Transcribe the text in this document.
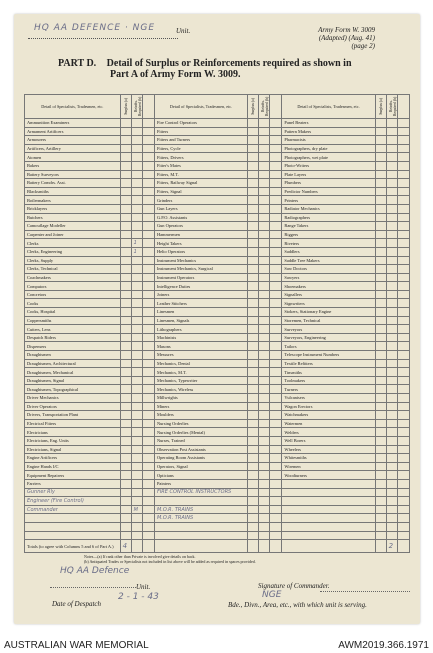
HQ AA DEFENCE · NGE	Unit.	Army Form W. 3009
(Adapted) (Aug. 41)
(page 2)
PART D. Detail of Surplus or Reinforcements required as shown in
Part A of Army Form W. 3009.
Detail of Specialists, Tradesmen, etc.	Surplus (a)	Reinfts. Required (b)		Detail of Specialists, Tradesmen, etc.	Surplus (a)	Reinfts. Required (b)		Detail of Specialists, Tradesmen, etc.	Surplus (a)	Reinfts. Required (b)	
Ammunition Examiners				Fire Control Operators				Panel Beaters			
Armament Artificers				Fitters				Pattern Makers			
Armourers				Fitters and Turners				Pharmacists			
Artificers, Artillery				Fitters, Cycle				Photographers, dry plate			
Atomen				Fitters, Drivers				Photographers, wet plate			
Bakers				Fitter's Mates				Photo-Writers			
Battery Surveyors				Fitters, M.T.				Plate Layers			
Battery Comdrs. Asst.				Fitters, Railway Signal				Plumbers			
Blacksmiths				Fitters, Signal				Predictor Numbers			
Boilermakers				Grinders				Printers			
Bricklayers				Gun Layers				Radiator Mechanics			
Butchers				G.P.O. Assistants				Radiographers			
Camouflage Modeller				Gun Operators				Range Takers			
Carpenter and Joiner				Hammermen				Riggers			
Clerks		1		Height Takers				Riveters			
Clerks, Engineering		1		Helio Operators				Saddlers			
Clerks, Supply				Instrument Mechanics				Saddle Tree Makers			
Clerks, Technical				Instrument Mechanics, Surgical				Saw Doctors			
Coachmakers				Instrument Operators				Sawyers			
Computors				Intelligence Duties				Shoemakers			
Concretors				Joiners				Signallers			
Cooks				Leather Stitchers				Signwriters			
Cooks, Hospital				Linesmen				Stokers, Stationary Engine			
Coppersmiths				Linesmen, Signals				Storemen, Technical			
Cutters, Lens				Lithographers				Surveyors			
Despatch Riders				Machinists				Surveyors, Engineering			
Dispensers				Masons				Tailors			
Draughtsmen				Messures				Telescope Instrument Numbers			
Draughtsmen, Architectural				Mechanics, Dental				Textile Refitters			
Draughtsmen, Mechanical				Mechanics, M.T.				Tinsmiths			
Draughtsmen, Signal				Mechanics, Typewriter				Toolmakers			
Draughtsmen, Topographical				Mechanics, Wireless				Turners			
Driver Mechanics				Millwrights				Vulcanisers			
Driver Operators				Miners				Wagon Erectors			
Drivers, Transportation Plant				Moulders				Watchmakers			
Electrical Fitters				Nursing Orderlies				Watermen			
Electricians				Nursing Orderlies (Mental)				Welders			
Electricians, Eng. Units				Nurses, Trained				Well Borers			
Electricians, Signal				Observation Post Assistants				Wheelers			
Engine Artificers				Operating Room Assistants				Whitesmiths			
Engine Hands I/C				Operators, Signal				Wiremen			
Equipment Repairers				Opticians				Woodturners			
Farriers				Painters							
Gunner Rly				FIRE CONTROL INSTRUCTORS							
Engineer (Fire Control)											
Commander		M		M.O.R. TRAINS							
				M.O.R. TRAINS							

Totals (to agree with Columns 5 and 6 of Part A.)	4									2	
Notes—(a) If rank other than Private is involved give details on back.
(b) Antiquated Trades or Specialists not included in list above will be added as required in spaces provided.
HQ AA Defence
Unit.	Signature of Commander.
Date of Despatch
2 - 1 - 43	NGE
Bde., Divn., Area, etc., with which unit is serving.
AUSTRALIAN WAR MEMORIAL	AWM2019.366.1971
